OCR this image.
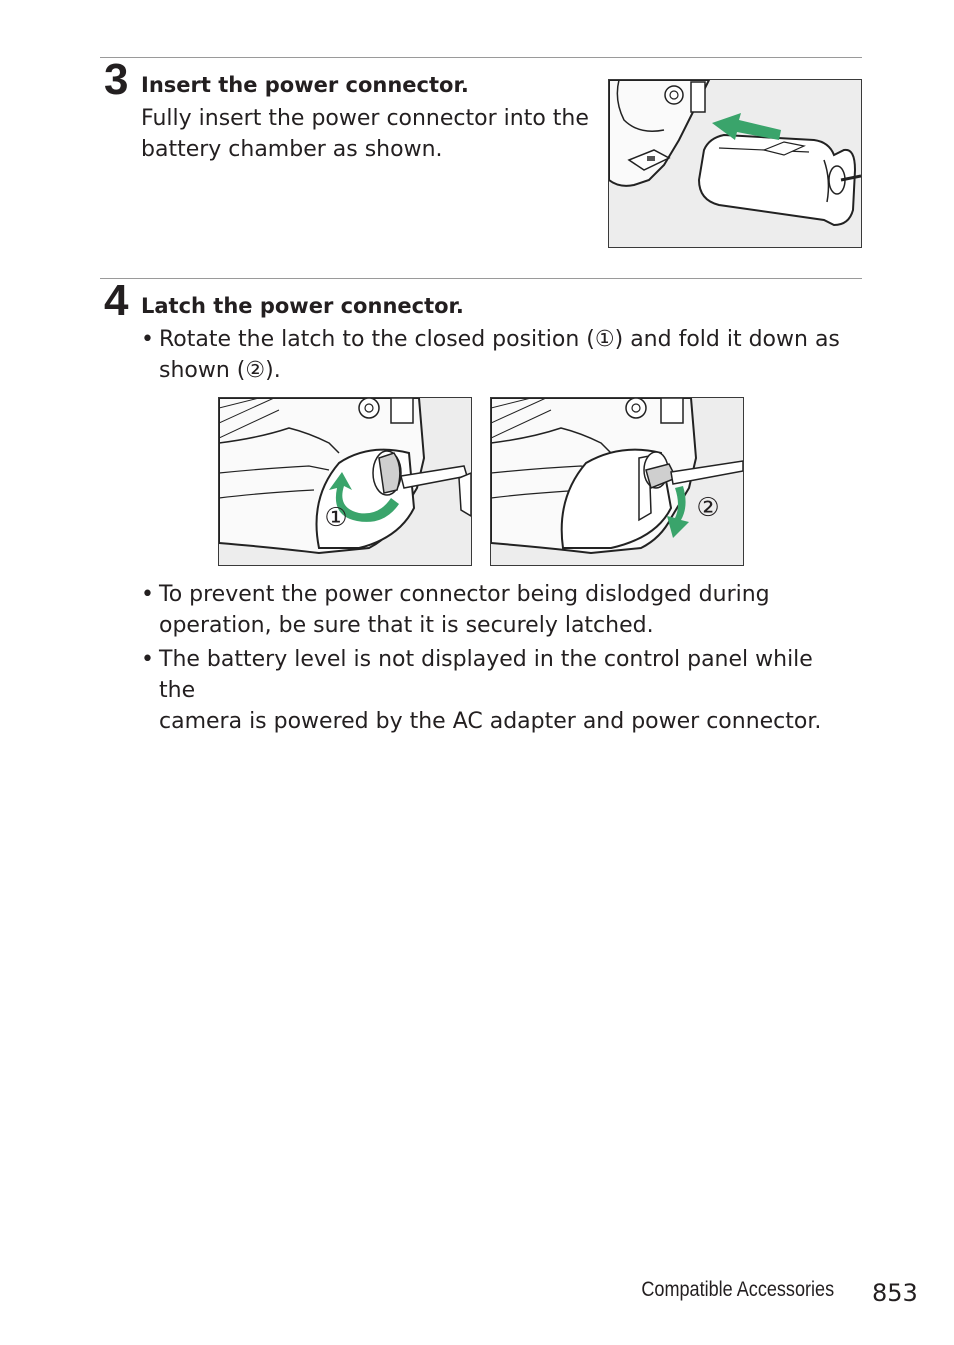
3 Insert the power connector.
Fully insert the power connector into the
battery chamber as shown.
4 Latch the power connector.
• Rotate the latch to the closed position (①) and fold it down as
shown (②).
①	②
• To prevent the power connector being dislodged during
operation, be sure that it is securely latched.
• The battery level is not displayed in the control panel while the
camera is powered by the AC adapter and power connector.
Compatible Accessories 853
